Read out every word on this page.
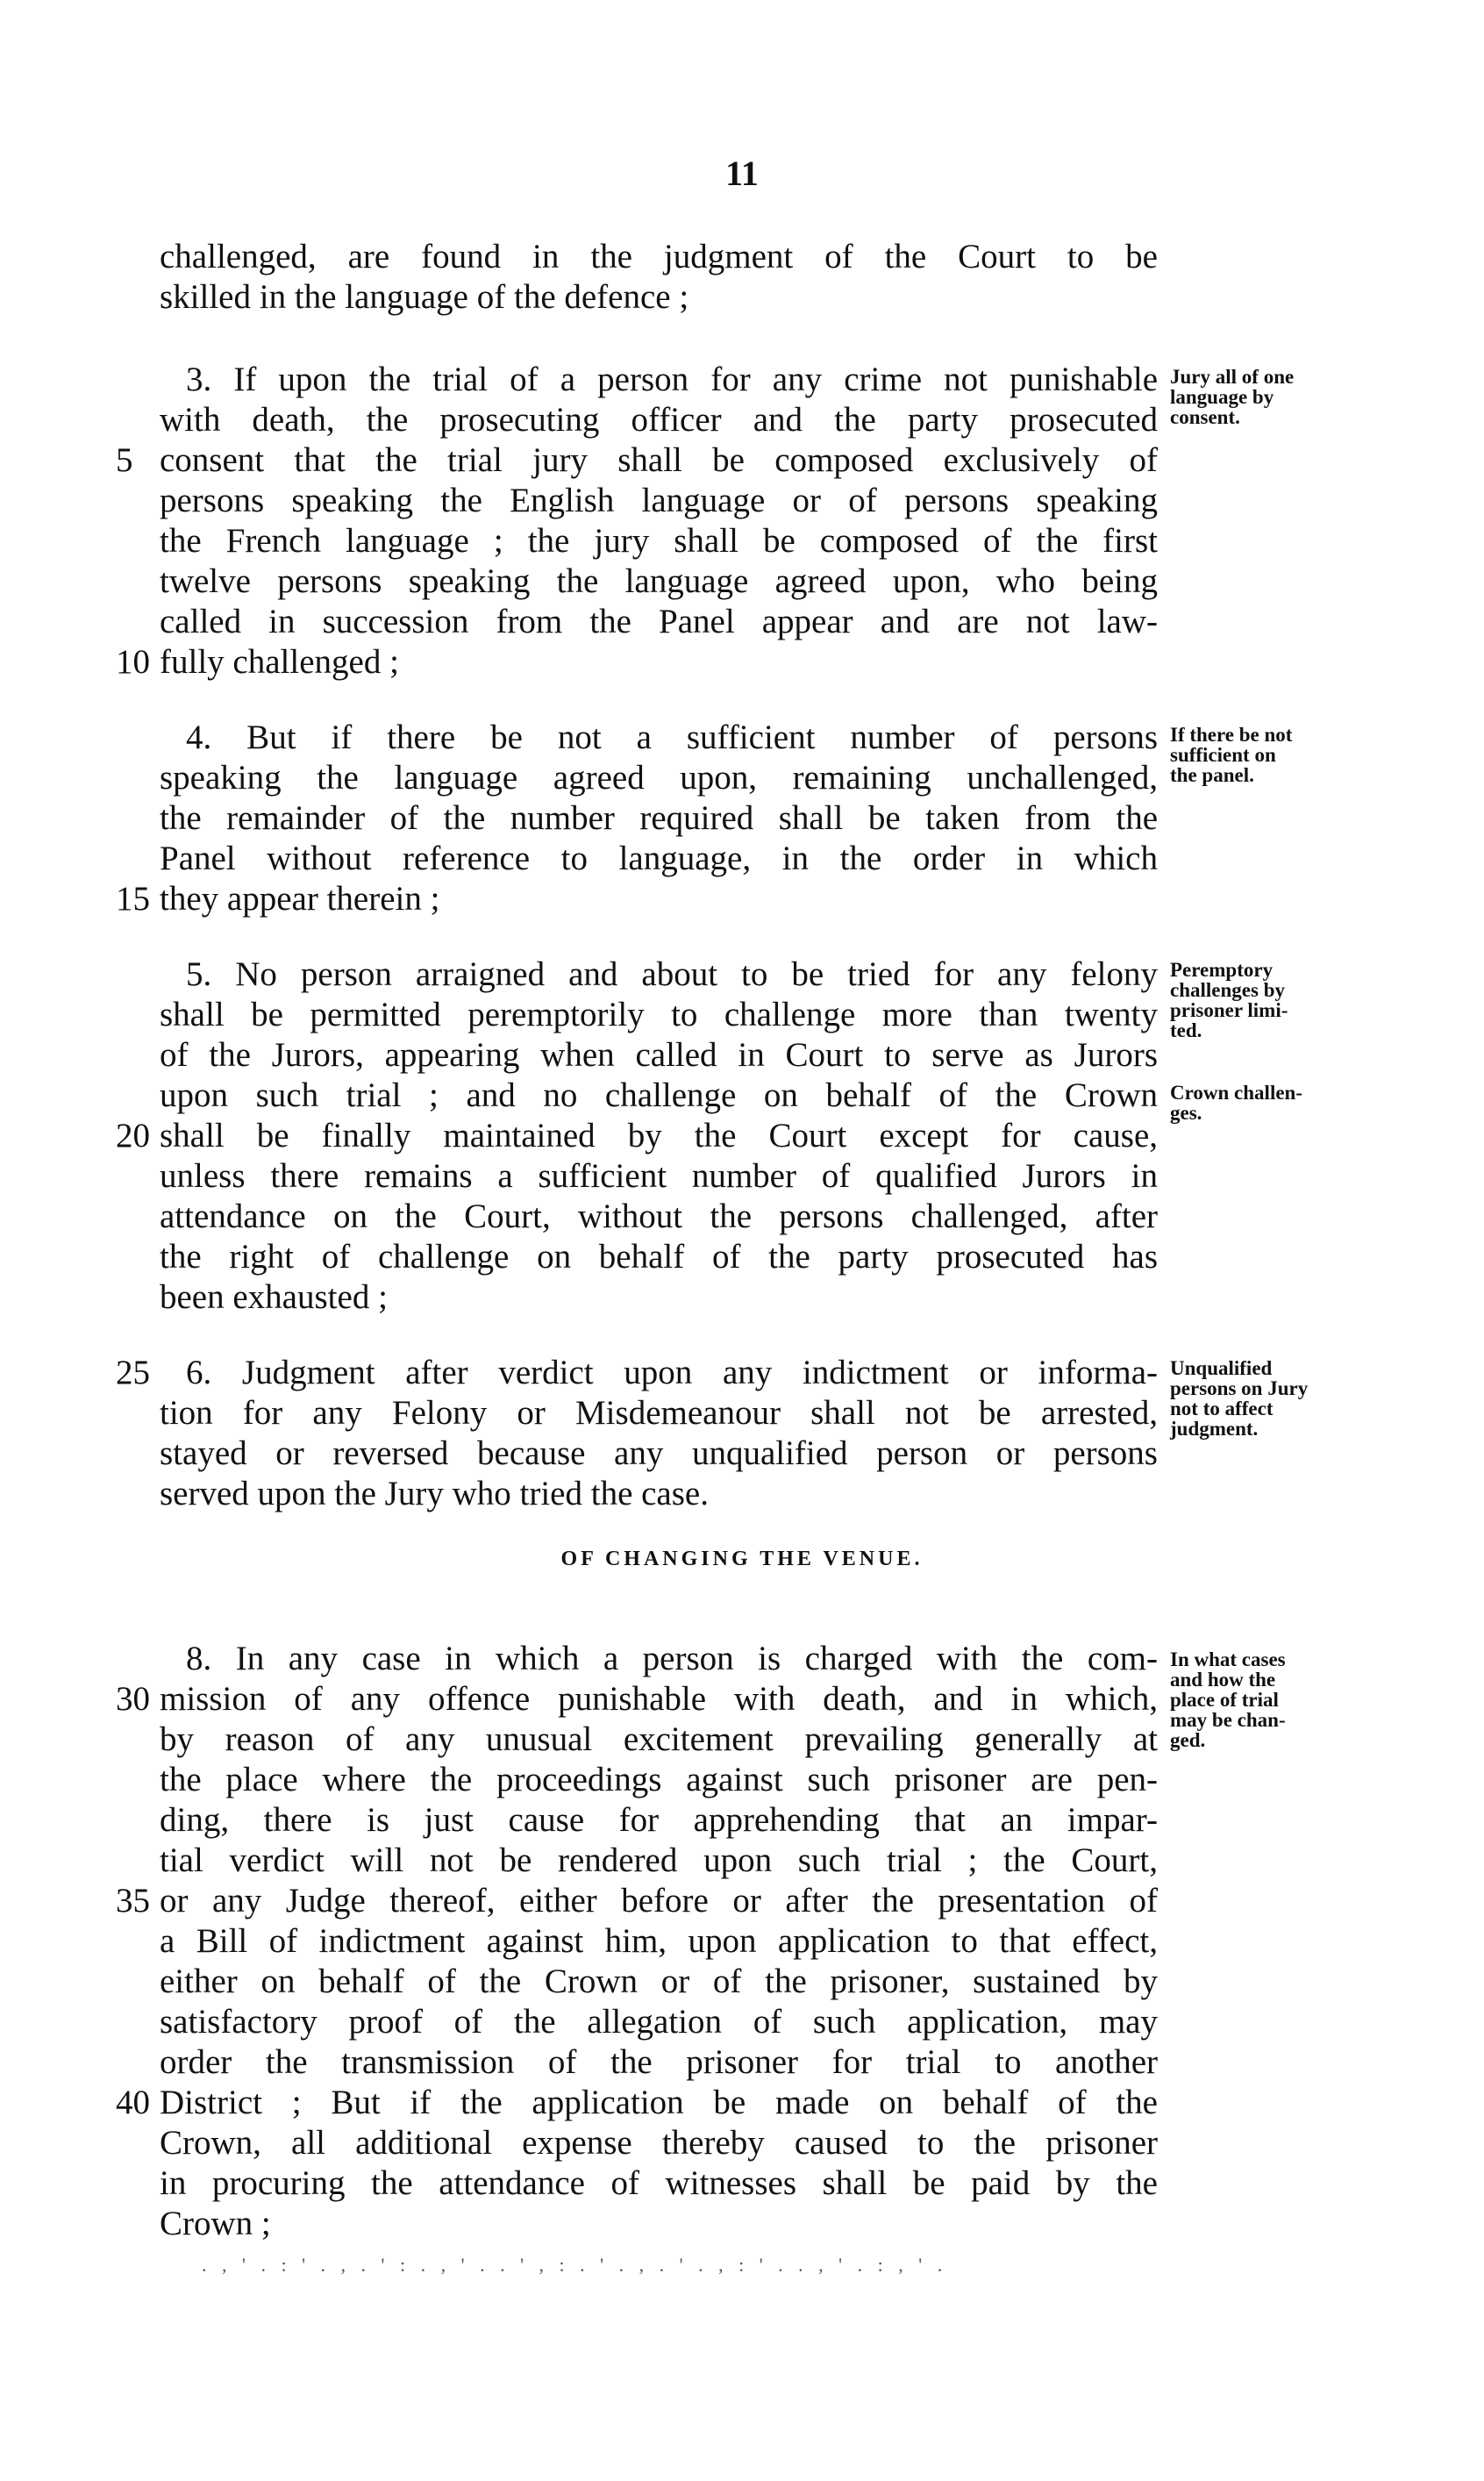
11
challenged, are found in the judgment of the Court to be
skilled in the language of the defence ;
3. If upon the trial of a person for any crime not punishable
with death, the prosecuting officer and the party prosecuted
5 consent that the trial jury shall be composed exclusively of
persons speaking the English language or of persons speaking
the French language ; the jury shall be composed of the first
twelve persons speaking the language agreed upon, who being
called in succession from the Panel appear and are not law-
10 fully challenged ;
4. But if there be not a sufficient number of persons
speaking the language agreed upon, remaining unchallenged,
the remainder of the number required shall be taken from the
Panel without reference to language, in the order in which
15 they appear therein ;
5. No person arraigned and about to be tried for any felony
shall be permitted peremptorily to challenge more than twenty
of the Jurors, appearing when called in Court to serve as Jurors
upon such trial ; and no challenge on behalf of the Crown
20 shall be finally maintained by the Court except for cause,
unless there remains a sufficient number of qualified Jurors in
attendance on the Court, without the persons challenged, after
the right of challenge on behalf of the party prosecuted has
been exhausted ;
25 6. Judgment after verdict upon any indictment or informa-
tion for any Felony or Misdemeanour shall not be arrested,
stayed or reversed because any unqualified person or persons
served upon the Jury who tried the case.
OF CHANGING THE VENUE.
8. In any case in which a person is charged with the com-
30 mission of any offence punishable with death, and in which,
by reason of any unusual excitement prevailing generally at
the place where the proceedings against such prisoner are pen-
ding, there is just cause for apprehending that an impar-
tial verdict will not be rendered upon such trial ; the Court,
35 or any Judge thereof, either before or after the presentation of
a Bill of indictment against him, upon application to that effect,
either on behalf of the Crown or of the prisoner, sustained by
satisfactory proof of the allegation of such application, may
order the transmission of the prisoner for trial to another
40 District ; But if the application be made on behalf of the
Crown, all additional expense thereby caused to the prisoner
in procuring the attendance of witnesses shall be paid by the
Crown ;
Jury all of one
language by
consent.
If there be not
sufficient on
the panel.
Peremptory
challenges by
prisoner limi-
ted.
Crown challen-
ges.
Unqualified
persons on Jury
not to affect
judgment.
In what cases
and how the
place of trial
may be chan-
ged.
. , ' . : ' . , . ' : . , ' . . ' , : . ' . , . ' . , : ' . . , ' . : , ' .
